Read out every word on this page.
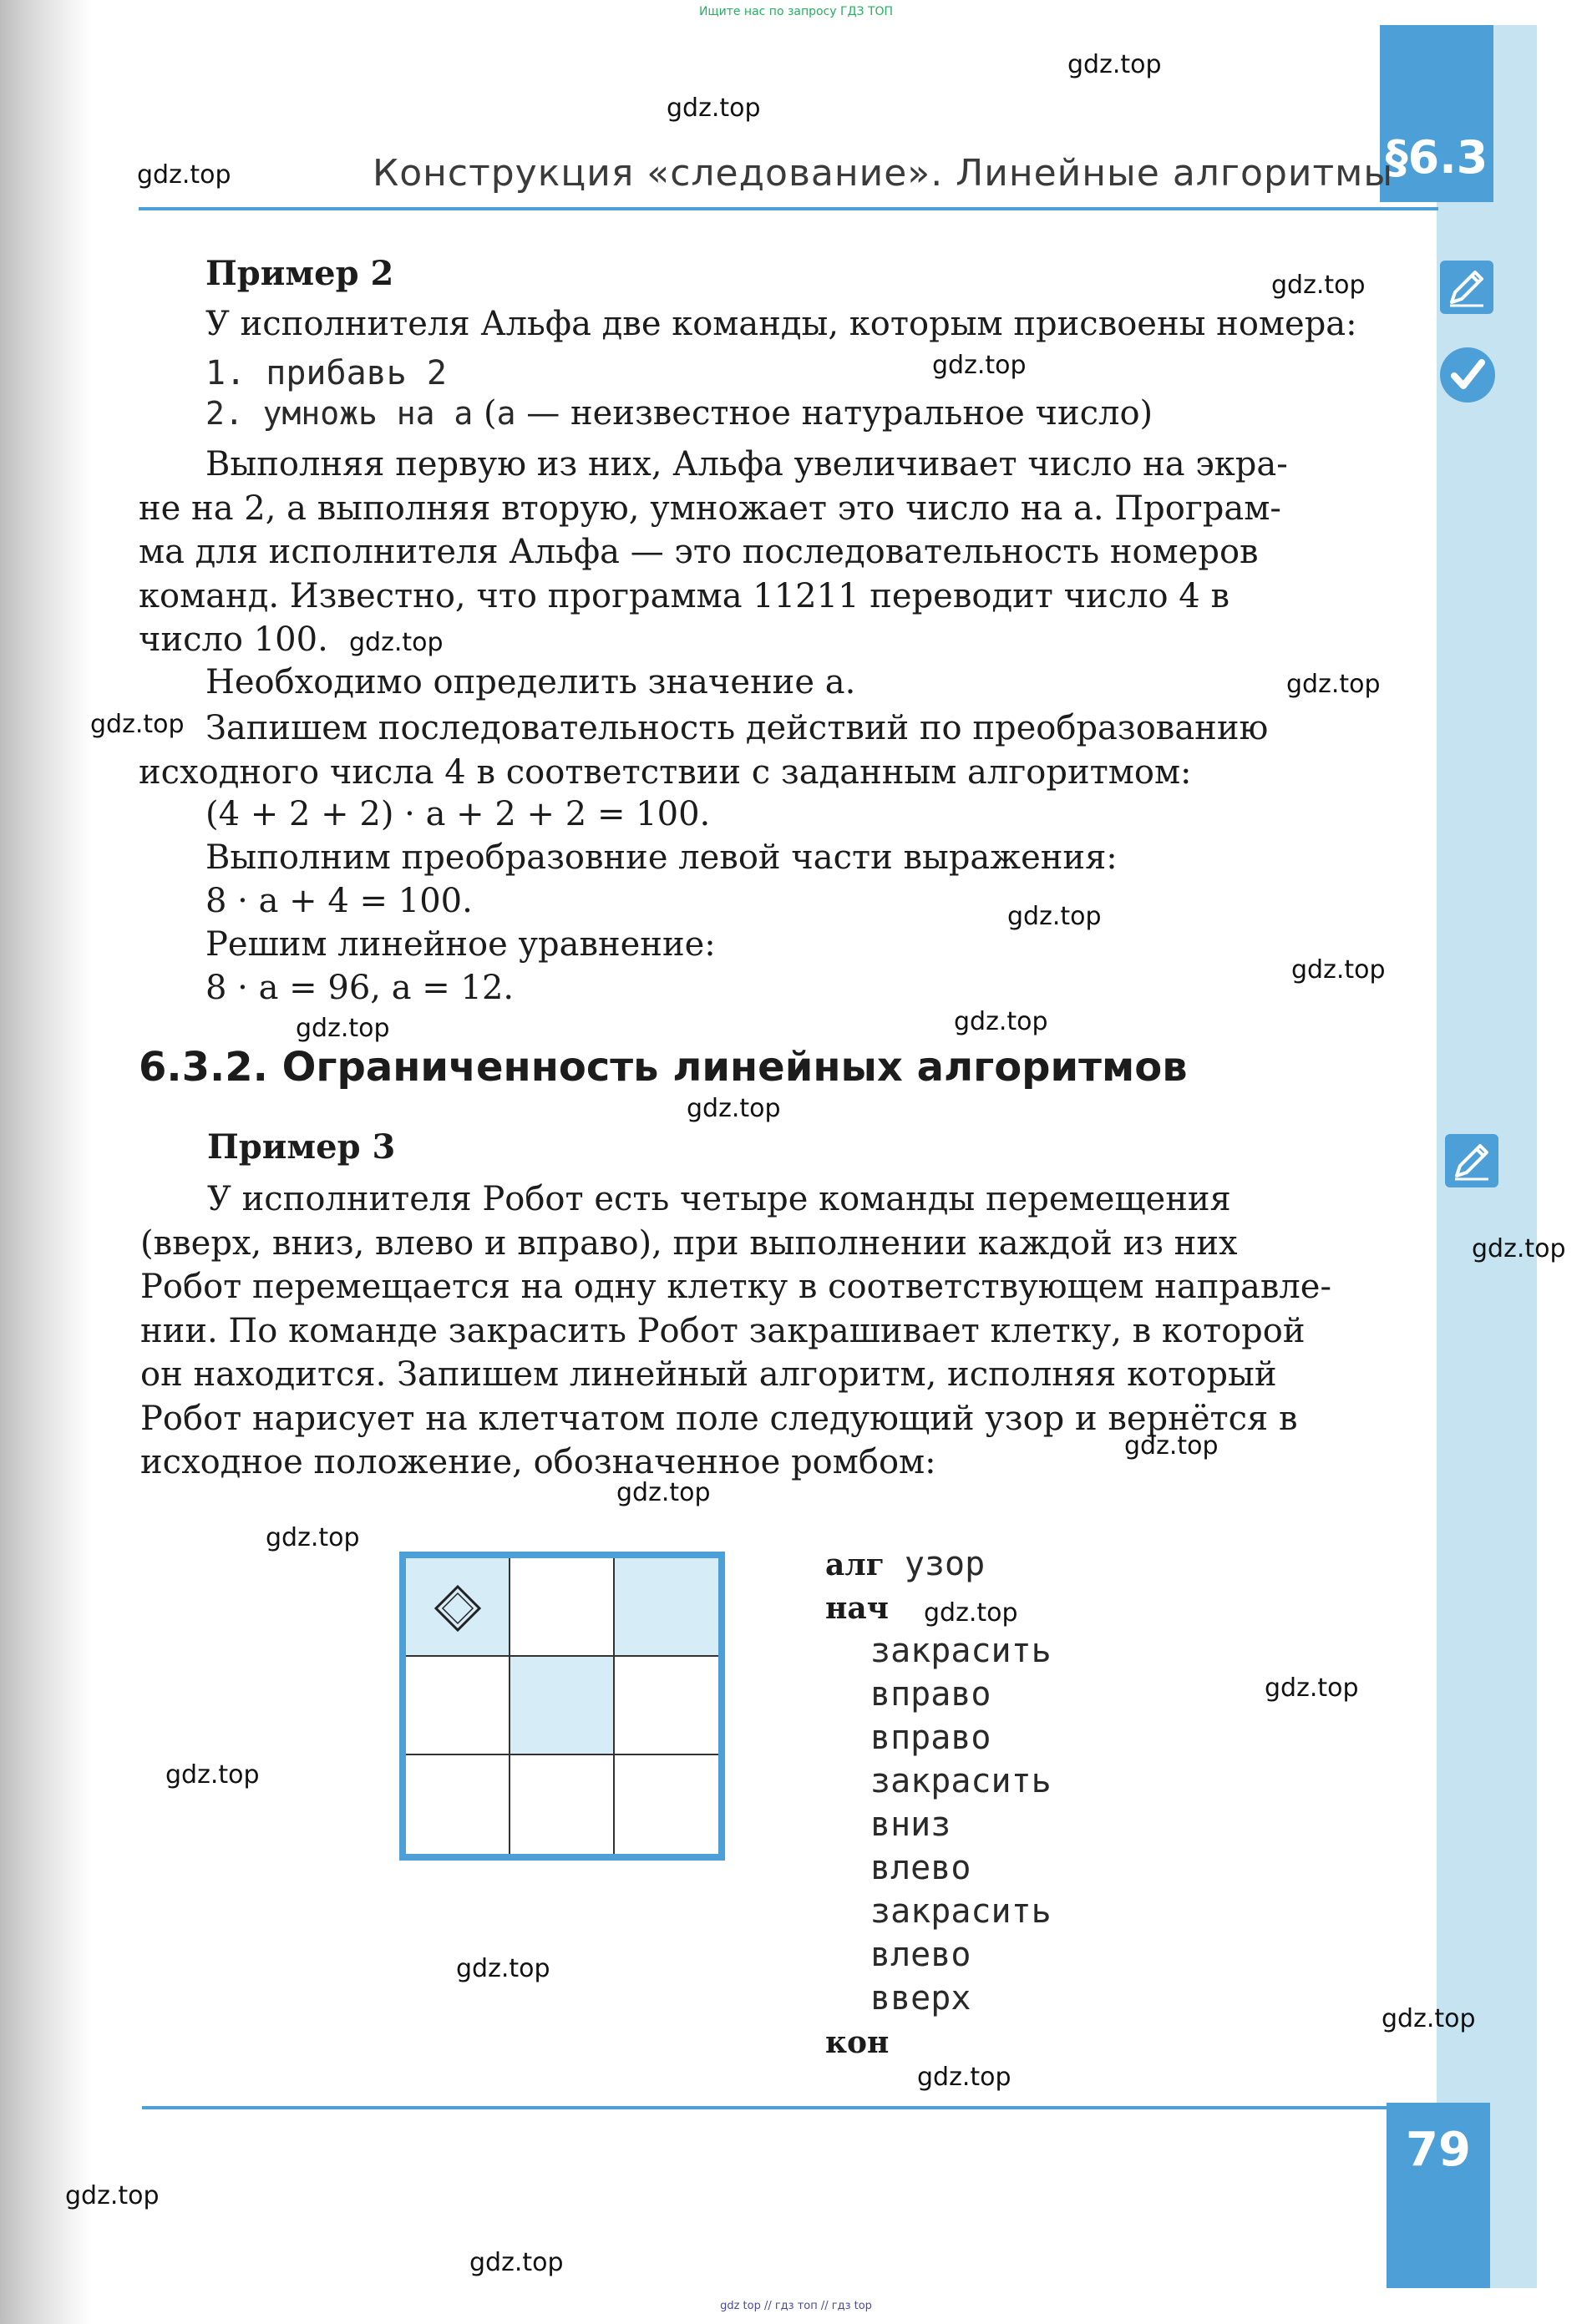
§6.3
79
Ищите нас по запросу ГДЗ ТОП
gdz top // гдз топ // гдз top
Конструкция «следование». Линейные алгоритмы
Пример 2
У исполнителя Альфа две команды, которым присвоены номера:
1. прибавь 2
2. умножь на a (a — неизвестное натуральное число)
Выполняя первую из них, Альфа увеличивает число на экра-
не на 2, а выполняя вторую, умножает это число на a. Програм-
ма для исполнителя Альфа — это последовательность номеров
команд. Известно, что программа 11211 переводит число 4 в
число 100.
Необходимо определить значение a.
Запишем последовательность действий по преобразованию
исходного числа 4 в соответствии с заданным алгоритмом:
(4 + 2 + 2) · a + 2 + 2 = 100.
Выполним преобразовние левой части выражения:
8 · a + 4 = 100.
Решим линейное уравнение:
8 · a = 96, a = 12.
6.3.2. Ограниченность линейных алгоритмов
Пример 3
У исполнителя Робот есть четыре команды перемещения
(вверх, вниз, влево и вправо), при выполнении каждой из них
Робот перемещается на одну клетку в соответствующем направле-
нии. По команде закрасить Робот закрашивает клетку, в которой
он находится. Запишем линейный алгоритм, исполняя который
Робот нарисует на клетчатом поле следующий узор и вернётся в
исходное положение, обозначенное ромбом:
алг узор
нач
закрасить
вправо
вправо
закрасить
вниз
влево
закрасить
влево
вверх
кон
gdz.top
gdz.top
gdz.top
gdz.top
gdz.top
gdz.top
gdz.top
gdz.top
gdz.top
gdz.top
gdz.top
gdz.top
gdz.top
gdz.top
gdz.top
gdz.top
gdz.top
gdz.top
gdz.top
gdz.top
gdz.top
gdz.top
gdz.top
gdz.top
gdz.top
